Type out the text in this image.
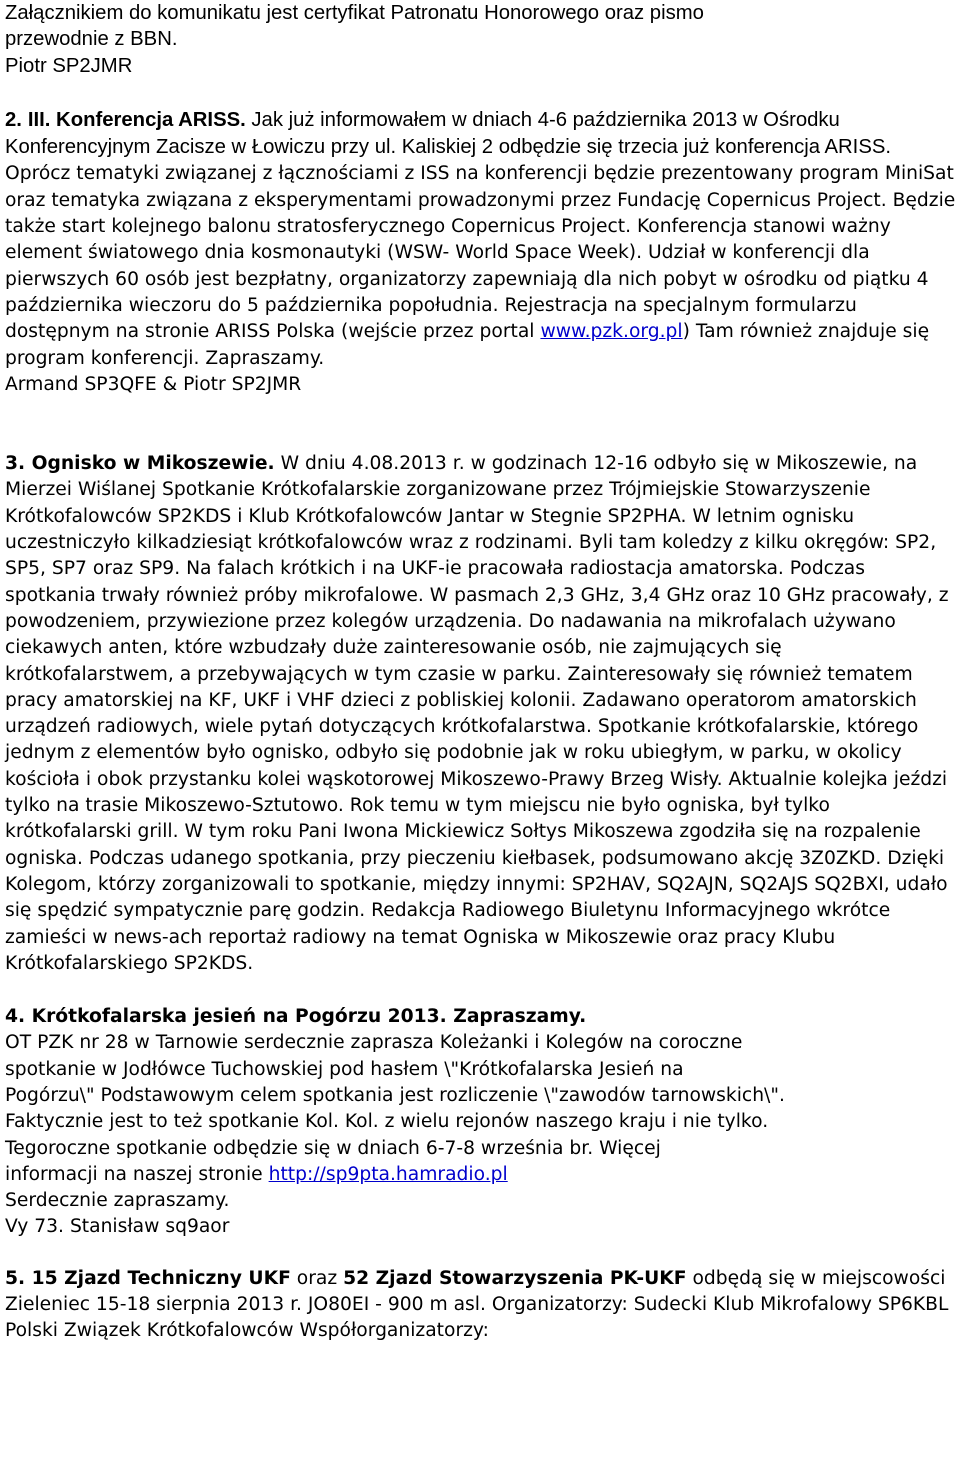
Załącznikiem do komunikatu jest certyfikat Patronatu Honorowego oraz pismo

przewodnie z BBN.

Piotr SP2JMR

2. III. Konferencja ARISS. Jak już informowałem w dniach 4-6 października 2013 w Ośrodku Konferencyjnym Zacisze w Łowiczu przy ul. Kaliskiej 2 odbędzie się trzecia już konferencja ARISS. Oprócz tematyki związanej z łącznościami z ISS na konferencji będzie prezentowany program MiniSat oraz tematyka związana z eksperymentami prowadzonymi przez Fundację Copernicus Project. Będzie także start kolejnego balonu stratosferycznego Copernicus Project. Konferencja stanowi ważny element światowego dnia kosmonautyki (WSW- World Space Week). Udział w konferencji dla pierwszych 60 osób jest bezpłatny, organizatorzy zapewniają dla nich pobyt w ośrodku od piątku 4 października wieczoru do 5 października popołudnia. Rejestracja na specjalnym formularzu dostępnym na stronie ARISS Polska (wejście przez portal www.pzk.org.pl) Tam również znajduje się program konferencji. Zapraszamy.

Armand SP3QFE & Piotr SP2JMR

3. Ognisko w Mikoszewie. W dniu 4.08.2013 r. w godzinach 12-16 odbyło się w Mikoszewie, na Mierzei Wiślanej Spotkanie Krótkofalarskie zorganizowane przez Trójmiejskie Stowarzyszenie Krótkofalowców SP2KDS i Klub Krótkofalowców Jantar w Stegnie SP2PHA. W letnim ognisku uczestniczyło kilkadziesiąt krótkofalowców wraz z rodzinami. Byli tam koledzy z kilku okręgów: SP2, SP5, SP7 oraz SP9. Na falach krótkich i na UKF-ie pracowała radiostacja amatorska. Podczas spotkania trwały również próby mikrofalowe. W pasmach 2,3 GHz, 3,4 GHz oraz 10 GHz pracowały, z powodzeniem, przywiezione przez kolegów urządzenia. Do nadawania na mikrofalach używano ciekawych anten, które wzbudzały duże zainteresowanie osób, nie zajmujących się krótkofalarstwem, a przebywających w tym czasie w parku. Zainteresowały się również tematem pracy amatorskiej na KF, UKF i VHF dzieci z pobliskiej kolonii. Zadawano operatorom amatorskich urządzeń radiowych, wiele pytań dotyczących krótkofalarstwa. Spotkanie krótkofalarskie, którego jednym z elementów było ognisko, odbyło się podobnie jak w roku ubiegłym, w parku, w okolicy kościoła i obok przystanku kolei wąskotorowej Mikoszewo-Prawy Brzeg Wisły. Aktualnie kolejka jeździ tylko na trasie Mikoszewo-Sztutowo. Rok temu w tym miejscu nie było ogniska, był tylko krótkofalarski grill. W tym roku Pani Iwona Mickiewicz Sołtys Mikoszewa zgodziła się na rozpalenie ogniska. Podczas udanego spotkania, przy pieczeniu kiełbasek, podsumowano akcję 3Z0ZKD. Dzięki Kolegom, którzy zorganizowali to spotkanie, między innymi: SP2HAV, SQ2AJN, SQ2AJS SQ2BXI, udało się spędzić sympatycznie parę godzin. Redakcja Radiowego Biuletynu Informacyjnego wkrótce zamieści w news-ach reportaż radiowy na temat Ogniska w Mikoszewie oraz pracy Klubu Krótkofalarskiego SP2KDS.

4. Krótkofalarska jesień na Pogórzu 2013. Zapraszamy.

OT PZK nr 28 w Tarnowie serdecznie zaprasza Koleżanki i Kolegów na coroczne

spotkanie w Jodłówce Tuchowskiej pod hasłem \"Krótkofalarska Jesień na

Pogórzu\" Podstawowym celem spotkania jest rozliczenie \"zawodów tarnowskich\".

Faktycznie jest to też spotkanie Kol. Kol. z wielu rejonów naszego kraju i nie tylko.

Tegoroczne spotkanie odbędzie się w dniach 6-7-8 września br. Więcej

informacji na naszej stronie http://sp9pta.hamradio.pl

Serdecznie zapraszamy.

Vy 73. Stanisław sq9aor

5. 15 Zjazd Techniczny UKF oraz 52 Zjazd Stowarzyszenia PK-UKF odbędą się w miejscowości Zieleniec 15-18 sierpnia 2013 r. JO80EI - 900 m asl. Organizatorzy: Sudecki Klub Mikrofalowy SP6KBL Polski Związek Krótkofalowców Współorganizatorzy:
